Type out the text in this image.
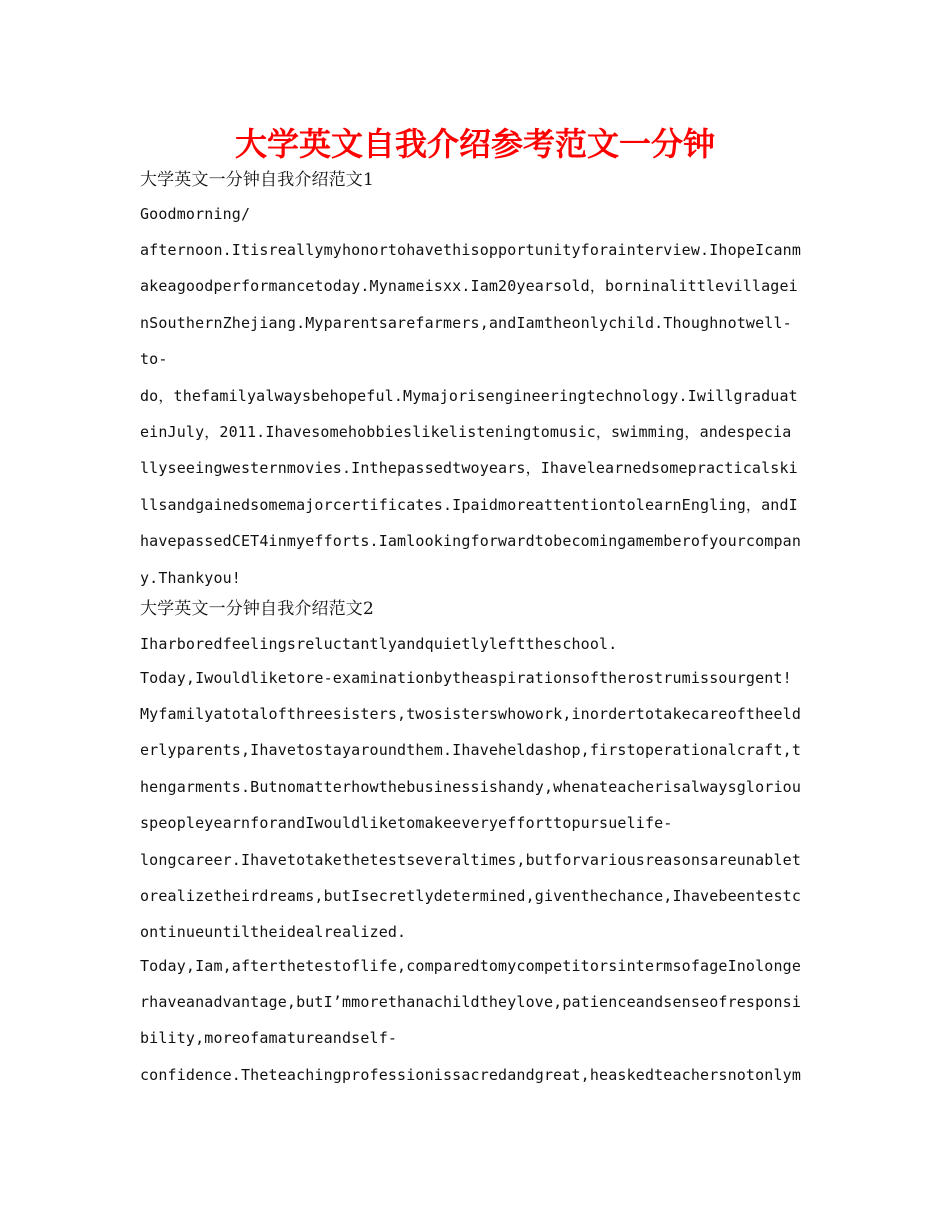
大学英文自我介绍参考范文一分钟

大学英文一分钟自我介绍范文1

Goodmorning/

afternoon.Itisreallymyhonortohavethisopportunityforainterview.IhopeIcanm

akeagoodperformancetoday.Mynameisxx.Iam20yearsold，borninalittlevillagei

nSouthernZhejiang.Myparentsarefarmers,andIamtheonlychild.Thoughnotwell-

to-

do，thefamilyalwaysbehopeful.Mymajorisengineeringtechnology.Iwillgraduat

einJuly，2011.Ihavesomehobbieslikelisteningtomusic，swimming，andespecia

llyseeingwesternmovies.Inthepassedtwoyears，Ihavelearnedsomepracticalski

llsandgainedsomemajorcertificates.IpaidmoreattentiontolearnEngling，andI

havepassedCET4inmyefforts.Iamlookingforwardtobecomingamemberofyourcompan

y.Thankyou!

大学英文一分钟自我介绍范文2

Iharboredfeelingsreluctantlyandquietlylefttheschool.

Today,Iwouldliketore-examinationbytheaspirationsoftherostrumissourgent!

Myfamilyatotalofthreesisters,twosisterswhowork,inordertotakecareoftheeld

erlyparents,Ihavetostayaroundthem.Ihaveheldashop,firstoperationalcraft,t

hengarments.Butnomatterhowthebusinessishandy,whenateacherisalwaysgloriou

speopleyearnforandIwouldliketomakeeveryefforttopursuelife-

longcareer.Ihavetotakethetestseveraltimes,butforvariousreasonsareunablet

orealizetheirdreams,butIsecretlydetermined,giventhechance,Ihavebeentestc

ontinueuntiltheidealrealized.

Today,Iam,afterthetestoflife,comparedtomycompetitorsintermsofageInolonge

rhaveanadvantage,butI’mmorethanachildtheylove,patienceandsenseofresponsi

bility,moreofamatureandself-

confidence.Theteachingprofessionissacredandgreat,heaskedteachersnotonlym
